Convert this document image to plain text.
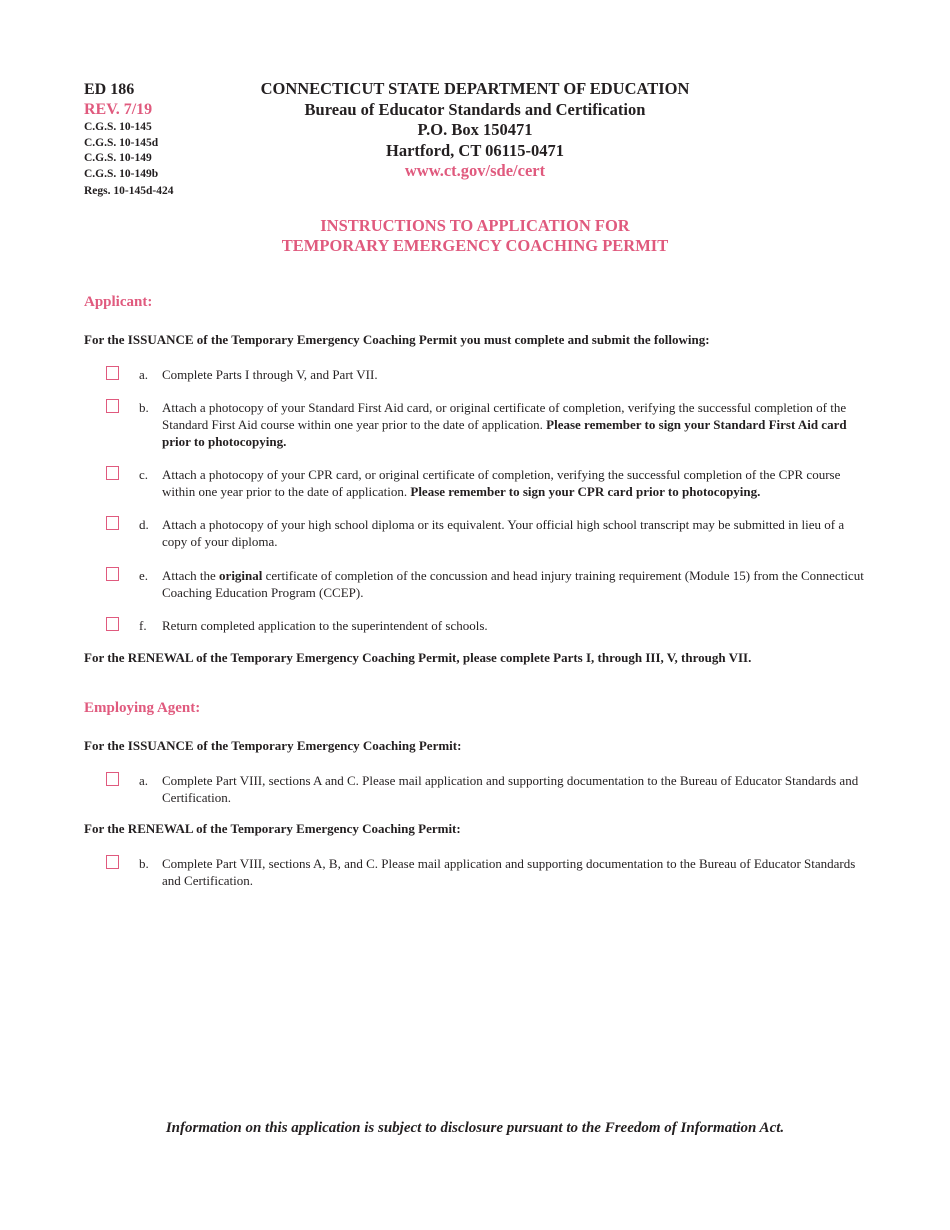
ED 186
REV. 7/19
C.G.S. 10-145
C.G.S. 10-145d
C.G.S. 10-149
C.G.S. 10-149b
Regs. 10-145d-424
CONNECTICUT STATE DEPARTMENT OF EDUCATION
Bureau of Educator Standards and Certification
P.O. Box 150471
Hartford, CT 06115-0471
www.ct.gov/sde/cert
INSTRUCTIONS TO APPLICATION FOR
TEMPORARY EMERGENCY COACHING PERMIT
Applicant:
For the ISSUANCE of the Temporary Emergency Coaching Permit you must complete and submit the following:
a. Complete Parts I through V, and Part VII.
b. Attach a photocopy of your Standard First Aid card, or original certificate of completion, verifying the successful completion of the Standard First Aid course within one year prior to the date of application. Please remember to sign your Standard First Aid card prior to photocopying.
c. Attach a photocopy of your CPR card, or original certificate of completion, verifying the successful completion of the CPR course within one year prior to the date of application. Please remember to sign your CPR card prior to photocopying.
d. Attach a photocopy of your high school diploma or its equivalent. Your official high school transcript may be submitted in lieu of a copy of your diploma.
e. Attach the original certificate of completion of the concussion and head injury training requirement (Module 15) from the Connecticut Coaching Education Program (CCEP).
f. Return completed application to the superintendent of schools.
For the RENEWAL of the Temporary Emergency Coaching Permit, please complete Parts I, through III, V, through VII.
Employing Agent:
For the ISSUANCE of the Temporary Emergency Coaching Permit:
a. Complete Part VIII, sections A and C. Please mail application and supporting documentation to the Bureau of Educator Standards and Certification.
For the RENEWAL of the Temporary Emergency Coaching Permit:
b. Complete Part VIII, sections A, B, and C. Please mail application and supporting documentation to the Bureau of Educator Standards and Certification.
Information on this application is subject to disclosure pursuant to the Freedom of Information Act.
